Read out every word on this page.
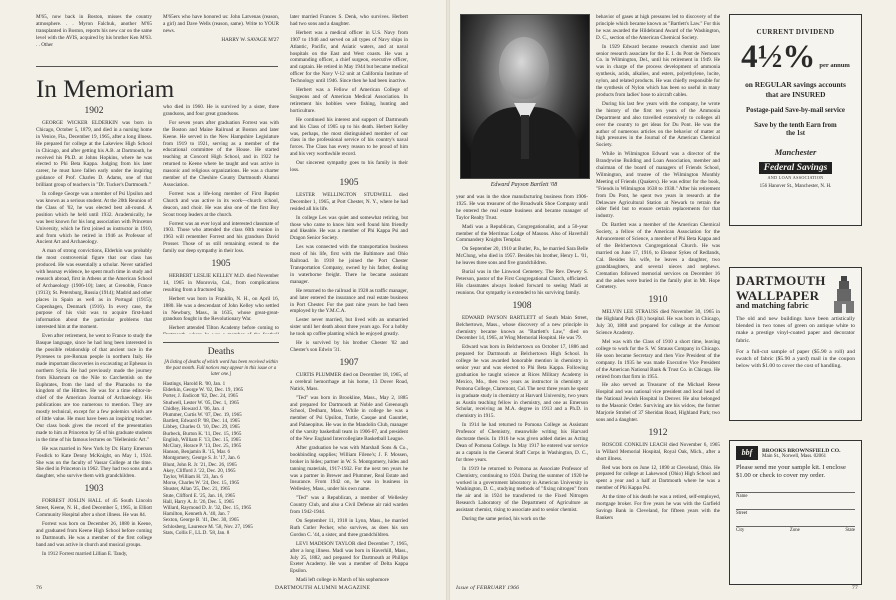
M'65, now back in Boston, misses the country atmosphere. . . Myron Falchuk, another M'65 transplanted in Boston, reports his new car on the same level with the AVIS, acquired by his brother Ken M'63. . . Other

M'65ers who have honored us: John Latvenas (reason, a girl) and Dave Wells (reason, same). Write to YOUR news.

HARRY W. SAVAGE M'27
In Memoriam
1902

GEORGE WICKER ELDERKIN was born in Chicago, October 5, 1879, and died in a nursing home in Venice, Fla., December 19, 1965, after a long illness. He prepared for college at the Lakeview High School in Chicago, and after getting his A.B. at Dartmouth, he received his Ph.D. at Johns Hopkins, where he was elected to Phi Beta Kappa. Judging from his later career, he must have fallen early under the inspiring guidance of Prof. Charles D. Adams, one of that brilliant group of teachers in "Dr. Tucker's Dartmouth."

In college George was a member of Psi Upsilon and was known as a serious student. At the 20th Reunion of the Class of '02, he was elected best all-round. A position which he held until 1932. Academically, he was best known for his long association with Princeton University, which he first joined as instructor in 1910, and from which he retired in 1946 as Professor of Ancient Art and Archaeology.

A man of strong convictions, Elderkin was probably the most controversial figure that our class has produced. He was essentially a scholar. Never satisfied with hearsay evidence, he spent much time in study and research abroad, first in Athens at the American School of Archaeology (1906-10); later, at Grenoble, France (1913); St. Petersburg, Russia (1914); Madrid and other places in Spain as well as in Portugal (1915); Copenhagen, Denmark (1916). In every case, the purpose of his visit was to acquire first-hand information about the particular problems that interested him at the moment.

Even after retirement, he went to France to study the Basque language, since he had long been interested in the possible relationship of that ancient race in the Pyrenees to pre-Roman people in northern Italy. He made important discoveries in excavating at Ephesus in northern Syria. He had previously made the journey from Khartoum on the Nile to Carchemish on the Euphrates, from the land of the Pharaohs to the kingdom of the Hittites. He was for a time editor-in-chief of the American Journal of Archaeology. His publications are too numerous to mention. They are mostly technical, except for a few polemics which are of little value. He must have been an inspiring teacher. Our class book gives the record of the presentation made to him at Princeton by 56 of his graduate students in the time of his famous lectures on "Hellenistic Art."

He was married in New York by Dr. Harry Emerson Fosdick to Kate Denny McKnight, on May 1, 1924. She was on the faculty of Vassar College at the time. She died in Princeton in 1962. They had two sons and a daughter, who survive them with grandchildren.

1903

FORREST JOSLIN HALL of 45 South Lincoln Street, Keene, N. H., died December 5, 1965, in Elliott Community Hospital after a short illness. He was 84.

Forrest was born on December 26, 1880 in Keene, and graduated from Keene High School before coming to Dartmouth. He was a member of the first college band and was active in church and musical groups.

In 1912 Forrest married Lillian E. Tandy,

who died in 1960. He is survived by a sister, three grandsons, and four great grandsons.

For seven years after graduation Forrest was with the Boston and Maine Railroad at Boston and later Keene. He served in the New Hampshire Legislature from 1919 to 1921, serving as a member of the educational committee of the House. He started teaching at Concord High School, and in 1922 he returned to Keene where he taught and was active in masonic and religious organizations. He was a charter member of the Cheshire County Dartmouth Alumni Association.

Forrest was a life-long member of First Baptist Church and was active in its work—church school, deacon, and choir. He was also one of the first Boy Scout troop leaders at the church.

Forrest was an ever loyal and interested classmate of 1903. Those who attended the class 60th reunion in 1963 will remember Forrest and his grandson David Prosser. Those of us still remaining extend to the family our deep sympathy in their loss.

1905

HERBERT LESLIE KELLEY M.D. died November 14, 1965 in Monrovia, Cal., from complications resulting from a fractured hip.

Herbert was born in Franklin, N. H., on April 16, 1880. He was a descendant of John Kelley who settled in Newbury, Mass., in 1635, whose great-great-grandson fought in the Revolutionary War.

Herbert attended Tilton Academy before coming to

Deaths
[A listing of deaths of which word has been received within the past month. Full notices may appear in this issue or a later one.]
Hastings, Harold R. '00, Jan. 1
Elderkin, George W. '02, Dec. 19, 1965
Porter, J. Endicott '02, Dec. 24, 1965
Studwell, Lester W. '05, Dec. 1, 1965
Chidley, Howard J. '06, Jan. 4
Plummer, Curtis W. '07, Dec. 19, 1965
Bartlett, Edward P. '08, Dec. 14, 1965
Libbey, Charles O. '10, Dec. 29, 1965
Burbeck, Burton K. '11, Dec. 15, 1965
English, William F. '13, Dec. 15, 1965
McClary, Horace P. '13, Dec. 25, 1965
Hanson, Benjamin R. '15, Mar. 6
Montgomery, George S. Jr. '17, Jan. 6
Blunt, John R. Jr. '21, Dec. 26, 1965
Akey, Clifford J. '22, Dec. 20, 1965
Taylor, William H. '23, Jan. 6
Morse, Charles W. '24, Dec. 15, 1965
Shuster, Allan '25, Dec. 21, 1965
Stute, Clifford E. '25, Jan. 16, 1965
Hall, Harry A. Jr. '26, Dec. 5, 1965
Willard, Raymond D. Jr. '32, Dec. 15, 1965
Hamilton, Kenneth A. '40, Jan. 7
Sexton, George B. '41, Dec. 30, 1965
Schlosberg, Laurence M. '58, Nov. 27, 1965
Stats, Collis F., LL.D. '58, Jan. 8

later married Frances S. Denk, who survives. Herbert had two sons and a daughter.

Herbert was a medical officer in U.S. Navy from 1907 to 1946 and served on all types of Navy ships in Atlantic, Pacific, and Asiatic waters, and at naval hospitals on the East and West coasts. He was a commanding officer, a chief surgeon, executive officer, and captain. He retired in May 1944 but became medical officer for the Navy V-12 unit at California Institute of Technology until 1946. Since then he had been inactive.

Herbert was a Fellow of American College of Surgeons and of American Medical Association. In retirement his hobbies were fishing, hunting and horticulture.

He continued his interest and support of Dartmouth and his Class of 1905 up to his death. Herbert Kelley was, perhaps, the most distinguished member of our class in the professional service of his country's naval forces. The Class has every reason to be proud of him and his very worthwhile record.

Our sincerest sympathy goes to his family in their loss.

1905

LESTER WELLINGTON STUDWELL died December 1, 1965, at Port Chester, N. Y., where he had resided all his life.

In college Les was quiet and somewhat retiring, but those who came to know him well found him friendly and likeable. He was a member of Phi Kappa Psi and Dragon Senior Society.

Les was connected with the transportation business most of his life, first with the Baltimore and Ohio Railroad. In 1918 he joined the Port Chester Transportation Company, owned by his father, dealing in waterborne freight. There he became assistant manager.

He returned to the railroad in 1928 as traffic manager, and later entered the insurance and real estate business in Port Chester. For the past nine years he had been employed by the Y.M.C.A.

Lester never married, but lived with an unmarried sister until her death about three years ago. For a hobby he took up coffee planting which he enjoyed greatly.

He is survived by his brother Chester '02 and Chester's son Edwin '31.

1907

CURTIS PLUMMER died on December 18, 1965, of a cerebral hemorrhage at his home, 13 Dover Road, Natick, Mass.

"Ted" was born in Brookline, Mass., May 2, 1885 and prepared for Dartmouth at Noble and Greenough School, Dedham, Mass. While in college he was a member of Psi Upsilon, Turtle, Casque and Gauntlet, and Palaeopitus. He was in the Mandolin Club, manager of the varsity basketball team in 1906-07, and president of the New England Intercollegiate Basketball League.

After graduation he was with Marshall Sons & Co., bookbinding supplies; William Filene's; J. F. Mossen, broker in hides; partner in W. S. Montgomery, hides and tanning materials, 1917-1932. For the next ten years he was a partner in Brewer and Plummer, Real Estate and Insurance. From 1942 on, he was in business in Wellesley, Mass., under his own name.

"Ted" was a Republican, a member of Wellesley Country Club, and also a Civil Defense air raid warden from 1942-1944.

On September 11, 1918 in Lynn, Mass., he married Ruth Cutler Pecker, who survives, as does his son Gordon C. '44, a sister, and three grandchildren.

LEVI MADISON TAYLOR died December 7, 1965, after a long illness. Madi was born in Haverhill, Mass., July 25, 1882, and prepared for Dartmouth at Phillips Exeter Academy. He was a member of Delta Kappa Epsilon.

Madi left college in March of his sophomore

76	DARTMOUTH ALUMNI MAGAZINE
Edward Payson Bartlett '08

year and was in the shoe manufacturing business from 1906-1925. He was treasurer of the Broadwalk Shoe Company until he entered the real estate business and became manager of Taylor Realty Trust.

Madi was a Republican, Congregationalist, and a 50-year member of the Merrimac Lodge of Masons. Also of Haverhill Commandery Knights Templar.

On September 20, 1910 at Butler, Pa., he married Sara Belle McClung, who died in 1957. Besides his brother, Henry L. '01, he leaves three sons and five grandchildren.

Burial was in the Linwood Cemetery. The Rev. Dewey S. Peterson, pastor of the First Congregational Church, officiated. His classmates always looked forward to seeing Madi at reunions. Our sympathy is extended to his surviving family.

1908

EDWARD PAYSON BARTLETT of South Main Street, Belchertown, Mass., whose discovery of a new principle in chemistry became known as "Bartlett's Law," died on December 14, 1965, at Wing Memorial Hospital. He was 79.

Edward was born in Belchertown on October 17, 1886 and prepared for Dartmouth at Belchertown High School. In college he was awarded honorable mention in chemistry in senior year and was elected to Phi Beta Kappa. Following graduation he taught science at Rices Military Academy in Mexico, Mo., then two years as instructor in chemistry at Pomona College, Claremont, Cal. The next three years he spent in graduate study in chemistry at Harvard University, two years as Austin teaching fellow in chemistry, and one as Emerson Scholar, receiving an M.A. degree in 1913 and a Ph.D. in chemistry in 1915.

In 1914 he had returned to Pomona College as Assistant Professor of Chemistry, meanwhile writing his Harvard doctorate thesis. In 1916 he was given added duties as Acting Dean of Pomona College. In May 1917 he entered war service as a captain in the General Staff Corps in Washington, D. C., for three years.

In 1919 he returned to Pomona as Associate Professor of Chemistry, continuing to 1924. During the summer of 1920 he worked in a government laboratory in American University in Washington, D. C., studying methods of "fixing nitrogen" from the air and in 1924 he transferred to the Fixed Nitrogen Research Laboratory of the Department of Agriculture as assistant chemist, rising to associate and to senior chemist.

During the same period, his work on the

behavior of gases at high pressures led to discovery of the principle which became known as "Bartlett's Law." For this he was awarded the Hildebrand Award of the Washington, D. C., section of the American Chemical Society.

In 1929 Edward became research chemist and later senior research associate for the E. I. du Pont de Nemours Co. in Wilmington, Del., until his retirement in 1949. He was in charge of the process development of ammonia synthesis, acids, alkalies, and esters, polyethylene, lucite, nylon, and related products. He was chiefly responsible for the synthesis of Nylon which has been so useful in many products from ladies' hose to aircraft cables.

During his last few years with the company, he wrote the history of the first ten years of the Ammonia Department and also travelled extensively to colleges all over the country to get ideas for Du Pont. He was the author of numerous articles on the behavior of matter at high pressures in the Journal of the American Chemical Society.

While in Wilmington Edward was a director of the Brandywine Building and Loan Association, member and chairman of the board of managers of Friends School, Wilmington, and trustee of the Wilmington Monthly Meeting of Friends (Quakers). He was editor for the book, "Friends in Wilmington 1638 to 1938." After his retirement from Du Pont, he spent two years in research at the Delaware Agricultural Station at Newark to retrain the older field but to ensure certain replacements for that industry.

Dr. Bartlett was a member of the American Chemical Society, a fellow of the American Association for the Advancement of Science, a member of Phi Beta Kappa and of the Belchertown Congregational Church. He was married on June 17, 1916, to Eleanor Sykes of Redlands, Cal. Besides his wife, he leaves a daughter, two granddaughters, and several nieces and nephews. Cremation followed memorial services on December 16 and the ashes were buried in the family plot in Mt. Hope Cemetery.

1910

MELVIN LEE STRAUSS died November 30, 1965 in the Highland Park (Ill.) hospital. He was born in Chicago, July 30, 1888 and prepared for college at the Armour Science Academy.

Mel was with the Class of 1910 a short time, leaving college to work for the S. W. Strauss Company in Chicago. He soon became Secretary and then Vice President of the company. In 1935 he was made Executive Vice President of the American National Bank & Trust Co. in Chicago. He retired from that firm in 1955.

He also served as Treasurer of the Michael Reese Hospital and was national vice president and local head of the National Jewish Hospital in Denver. He also belonged to the Masonic Order. Surviving are his widow, the former Marjorie Strobel of 37 Sheridan Road, Highland Park; two sons and a daughter.

1912

ROSCOE CONKLIN LEACH died November 6, 1965 in Willard Memorial Hospital, Royal Oak, Mich., after a short illness.

Red was born on June 12, 1890 at Cleveland, Ohio. He prepared for college at Lakewood (Ohio) High School and spent a year and a half at Dartmouth where he was a member of Phi Kappa Psi.

At the time of his death he was a retired, self-employed, mortgage broker. For five years he was with the Garfield Savings Bank in Cleveland, for fifteen years with the Bankers

CURRENT DIVIDEND
4½% per annum
on REGULAR savings accounts that are INSURED
Postage-paid Save-by-mail service
Save by the tenth Earn from the 1st
Manchester
Federal Savings
AND LOAN ASSOCIATION
156 Hanover St., Manchester, N. H.
DARTMOUTH WALLPAPER
and matching fabric
The old and new buildings have been artistically blended in two tones of green on antique white to make a prestige vinyl-coated paper and decorator fabric.
For a full-cut sample of paper ($5.90 a roll) and swatch of fabric ($5.90 a yard) mail in the coupon below with $1.00 to cover the cost of handling.
bbf	BROOKS BROWNSFIELD CO.
Main St., Norwell, Mass. 02061
Please send me your sample kit. I enclose $1.00 or check to cover my order.
Name
Street
City	Zone	State
Issue of FEBRUARY 1966	77
